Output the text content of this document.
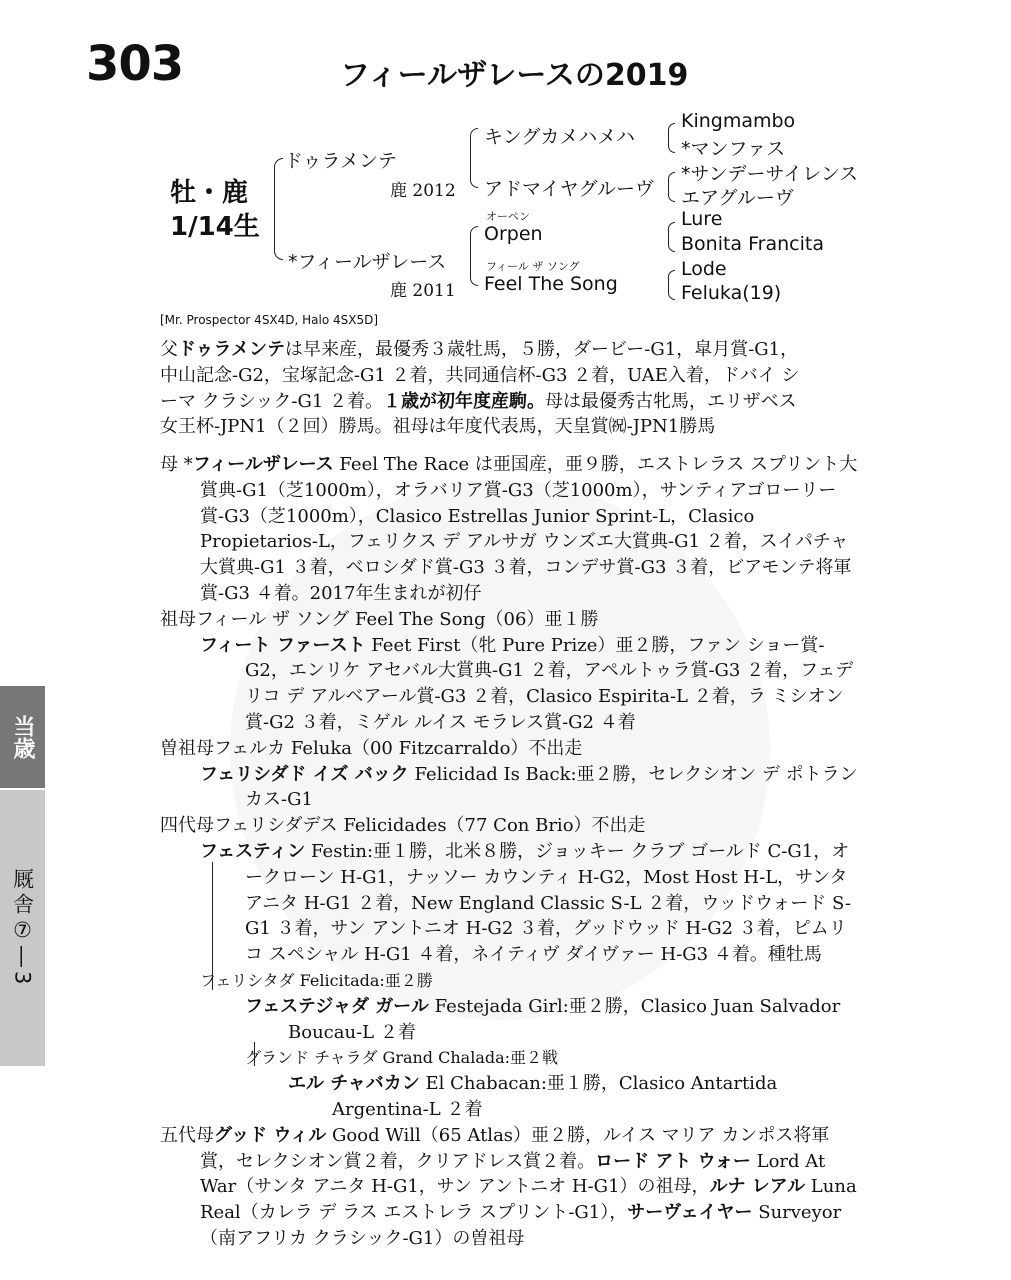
303	フィールザレースの2019
牡・鹿
1/14生
ドゥラメンテ
鹿 2012
*フィールザレース
鹿 2011
キングカメハメハ
アドマイヤグルーヴ
オーペン
Orpen
フィール ザ ソング
Feel The Song
Kingmambo
*マンファス
*サンデーサイレンス
エアグルーヴ
Lure
Bonita Francita
Lode
Feluka(19)
[Mr. Prospector 4SX4D, Halo 4SX5D]

父ドゥラメンテは早来産，最優秀３歳牡馬，５勝，ダービー-G1，皐月賞-G1，

中山記念-G2，宝塚記念-G1 ２着，共同通信杯-G3 ２着，UAE入着，ドバイ シ

ーマ クラシック-G1 ２着。１歳が初年度産駒。母は最優秀古牝馬，エリザベス

女王杯-JPN1（２回）勝馬。祖母は年度代表馬，天皇賞㈷-JPN1勝馬

母 *フィールザレース Feel The Race は亜国産，亜９勝，エストレラス スプリント大賞典-G1（芝1000m），オラバリア賞-G3（芝1000m），サンティアゴローリー賞-G3（芝1000m），Clasico Estrellas Junior Sprint-L，Clasico Propietarios-L，フェリクス デ アルサガ ウンズエ大賞典-G1 ２着，スイパチャ大賞典-G1 ３着，ベロシダド賞-G3 ３着，コンデサ賞-G3 ３着，ビアモンテ将軍賞-G3 ４着。2017年生まれが初仔

祖母フィール ザ ソング Feel The Song（06）亜１勝

フィート ファースト Feet First（牝 Pure Prize）亜２勝，ファン ショー賞-G2，エンリケ アセバル大賞典-G1 ２着，アペルトゥラ賞-G3 ２着，フェデリコ デ アルベアール賞-G3 ２着，Clasico Espirita-L ２着，ラ ミシオン賞-G2 ３着，ミゲル ルイス モラレス賞-G2 ４着

曽祖母フェルカ Feluka（00 Fitzcarraldo）不出走

フェリシダド イズ バック Felicidad Is Back:亜２勝，セレクシオン デ ポトランカス-G1

四代母フェリシダデス Felicidades（77 Con Brio）不出走

フェスティン Festin:亜１勝，北米８勝，ジョッキー クラブ ゴールド C-G1，オークローン H-G1，ナッソー カウンティ H-G2，Most Host H-L，サンタ アニタ H-G1 ２着，New England Classic S-L ２着，ウッドウォード S-G1 ３着，サン アントニオ H-G2 ３着，グッドウッド H-G2 ３着，ピムリコ スペシャル H-G1 ４着，ネイティヴ ダイヴァー H-G3 ４着。種牡馬

フェリシタダ Felicitada:亜２勝

フェステジャダ ガール Festejada Girl:亜２勝，Clasico Juan Salvador Boucau-L ２着

グランド チャラダ Grand Chalada:亜２戦

エル チャバカン El Chabacan:亜１勝，Clasico Antartida Argentina-L ２着

五代母グッド ウィル Good Will（65 Atlas）亜２勝，ルイス マリア カンポス将軍賞，セレクシオン賞２着，クリアドレス賞２着。ロード アト ウォー Lord At War（サンタ アニタ H-G1，サン アントニオ H-G1）の祖母，ルナ レアル Luna Real（カレラ デ ラス エストレラ スプリント-G1），サーヴェイヤー Surveyor（南アフリカ クラシック-G1）の曽祖母

当歳
厩舎⑦―3
